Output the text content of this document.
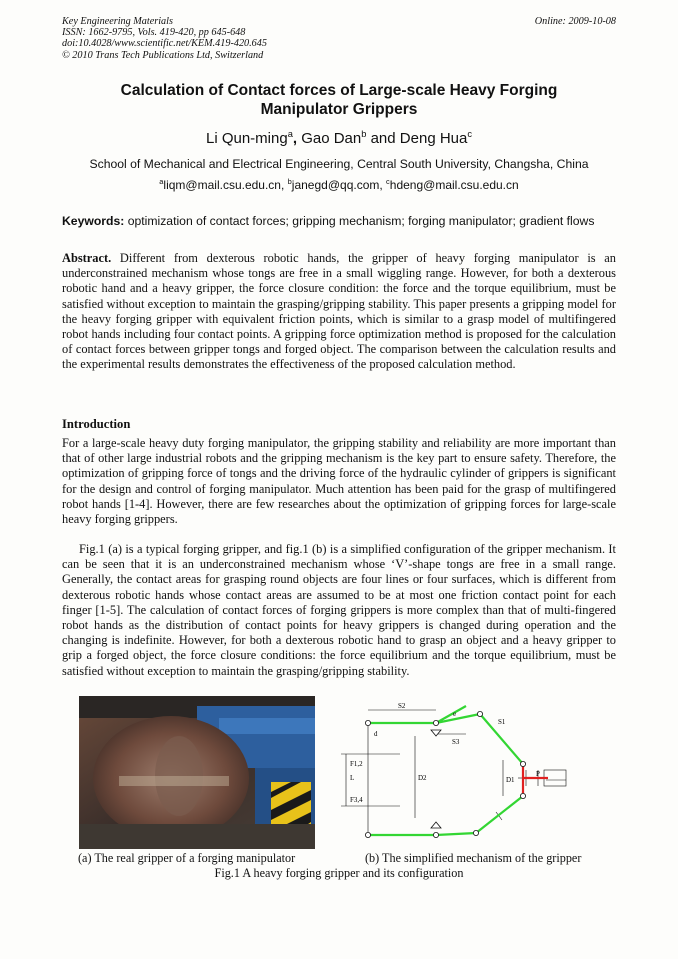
Key Engineering Materials
ISSN: 1662-9795, Vols. 419-420, pp 645-648
doi:10.4028/www.scientific.net/KEM.419-420.645
© 2010 Trans Tech Publications Ltd, Switzerland
Online: 2009-10-08
Calculation of Contact forces of Large-scale Heavy Forging
Manipulator Grippers
Li Qun-ming$^a$, Gao Dan$^b$ and Deng Hua$^c$
School of Mechanical and Electrical Engineering, Central South University, Changsha, China
$^a$liqm@mail.csu.edu.cn, $^b$janegd@qq.com, $^c$hdeng@mail.csu.edu.cn
Keywords: optimization of contact forces; gripping mechanism; forging manipulator; gradient flows
Abstract. Different from dexterous robotic hands, the gripper of heavy forging manipulator is an underconstrained mechanism whose tongs are free in a small wiggling range. However, for both a dexterous robotic hand and a heavy gripper, the force closure condition: the force and the torque equilibrium, must be satisfied without exception to maintain the grasping/gripping stability. This paper presents a gripping model for the heavy forging gripper with equivalent friction points, which is similar to a grasp model of multifingered robot hands including four contact points. A gripping force optimization method is proposed for the calculation of contact forces between gripper tongs and forged object. The comparison between the calculation results and the experimental results demonstrates the effectiveness of the proposed calculation method.
Introduction
For a large-scale heavy duty forging manipulator, the gripping stability and reliability are more important than that of other large industrial robots and the gripping mechanism is the key part to ensure safety. Therefore, the optimization of gripping force of tongs and the driving force of the hydraulic cylinder of grippers is significant for the design and control of forging manipulator. Much attention has been paid for the grasp of multifingered robot hands [1-4]. However, there are few researches about the optimization of gripping forces for large-scale heavy forging grippers.
Fig.1 (a) is a typical forging gripper, and fig.1 (b) is a simplified configuration of the gripper mechanism. It can be seen that it is an underconstrained mechanism whose ‘V’-shape tongs are free in a small range. Generally, the contact areas for grasping round objects are four lines or four surfaces, which is different from dexterous robotic hands whose contact areas are assumed to be at most one friction contact point for each finger [1-5]. The calculation of contact forces of forging grippers is more complex than that of multi-fingered robot hands as the distribution of contact points for heavy grippers is changed during operation and the changing is indefinite. However, for both a dexterous robotic hand to grasp an object and a heavy gripper to grip a forged object, the force closure conditions: the force equilibrium and the torque equilibrium, must be satisfied without exception to maintain the grasping/gripping stability.
S2
d
e
S3
S1
F1,2
L
F3,4
D2	D1
P
(a) The real gripper of a forging manipulator	(b) The simplified mechanism of the gripper
Fig.1 A heavy forging gripper and its configuration
